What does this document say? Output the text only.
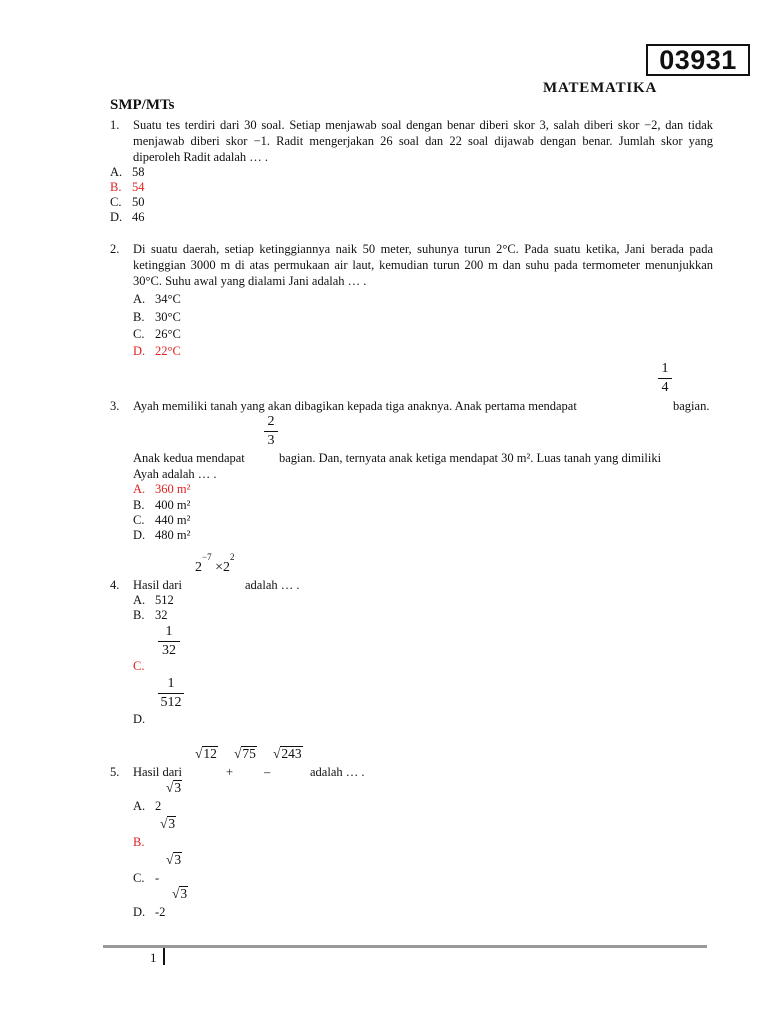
03931
MATEMATIKA
SMP/MTs
1.	Suatu tes terdiri dari 30 soal. Setiap menjawab soal dengan benar diberi skor 3, salah diberi skor −2, dan tidak menjawab diberi skor −1. Radit mengerjakan 26 soal dan 22 soal dijawab dengan benar. Jumlah skor yang diperoleh Radit adalah … .
A. 58
B. 54
C. 50
D. 46
2.	Di suatu daerah, setiap ketinggiannya naik 50 meter, suhunya turun 2°C. Pada suatu ketika, Jani berada pada ketinggian 3000 m di atas permukaan air laut, kemudian turun 200 m dan suhu pada termometer menunjukkan 30°C. Suhu awal yang dialami Jani adalah … .
A. 34°C
B. 30°C
C. 26°C
D. 22°C
1
4
3.	Ayah memiliki tanah yang akan dibagikan kepada tiga anaknya. Anak pertama mendapat	bagian.
2
3
Anak kedua mendapat	bagian. Dan, ternyata anak ketiga mendapat 30 m². Luas tanah yang dimiliki
Ayah adalah … .
A. 360 m²
B. 400 m²
C. 440 m²
D. 480 m²
$2^{-7} \times 2^2$
4.	Hasil dari	adalah … .
A. 512
B. 32
1
32
C.
1
512
D.
√12 √75 √243
5.	Hasil dari	+ –	adalah … .
√3
A. 2
√3
B.
√3
C. -
√3
D. -2
1
